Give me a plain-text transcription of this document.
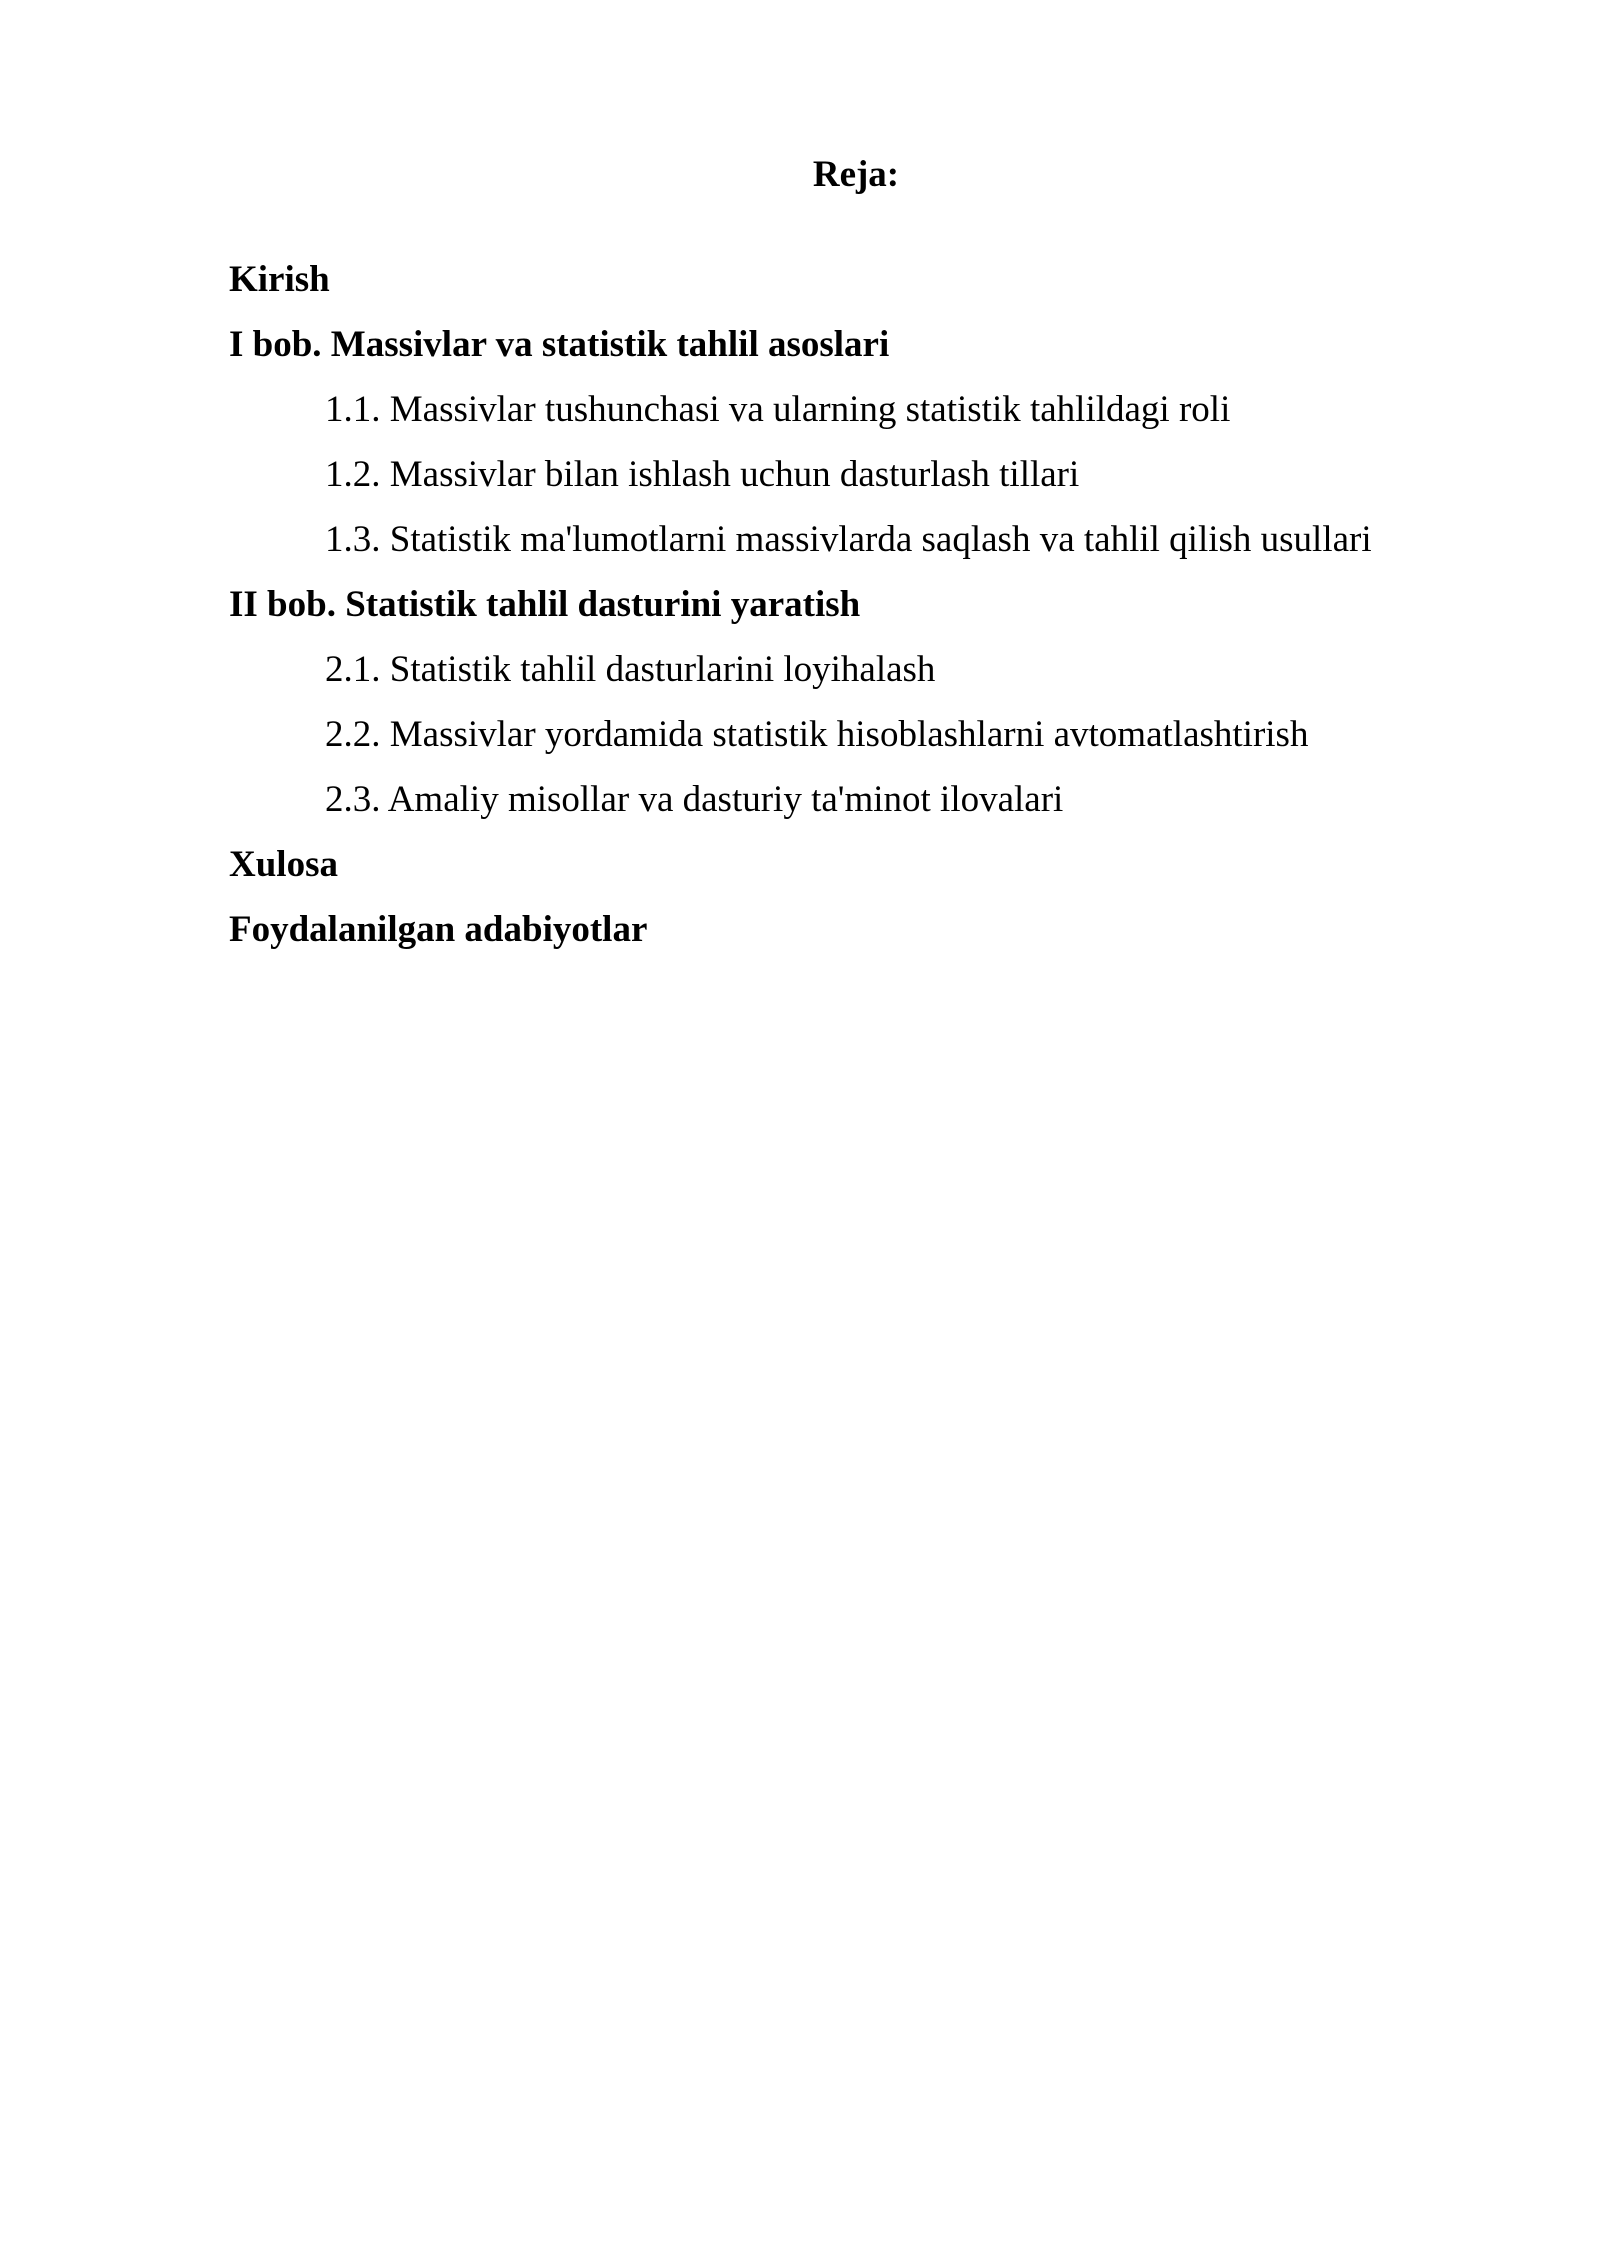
Reja:
Kirish
I bob. Massivlar va statistik tahlil asoslari
1.1. Massivlar tushunchasi va ularning statistik tahlildagi roli
1.2. Massivlar bilan ishlash uchun dasturlash tillari
1.3. Statistik ma'lumotlarni massivlarda saqlash va tahlil qilish usullari
II bob. Statistik tahlil dasturini yaratish
2.1. Statistik tahlil dasturlarini loyihalash
2.2. Massivlar yordamida statistik hisoblashlarni avtomatlashtirish
2.3. Amaliy misollar va dasturiy ta'minot ilovalari
Xulosa
Foydalanilgan adabiyotlar
